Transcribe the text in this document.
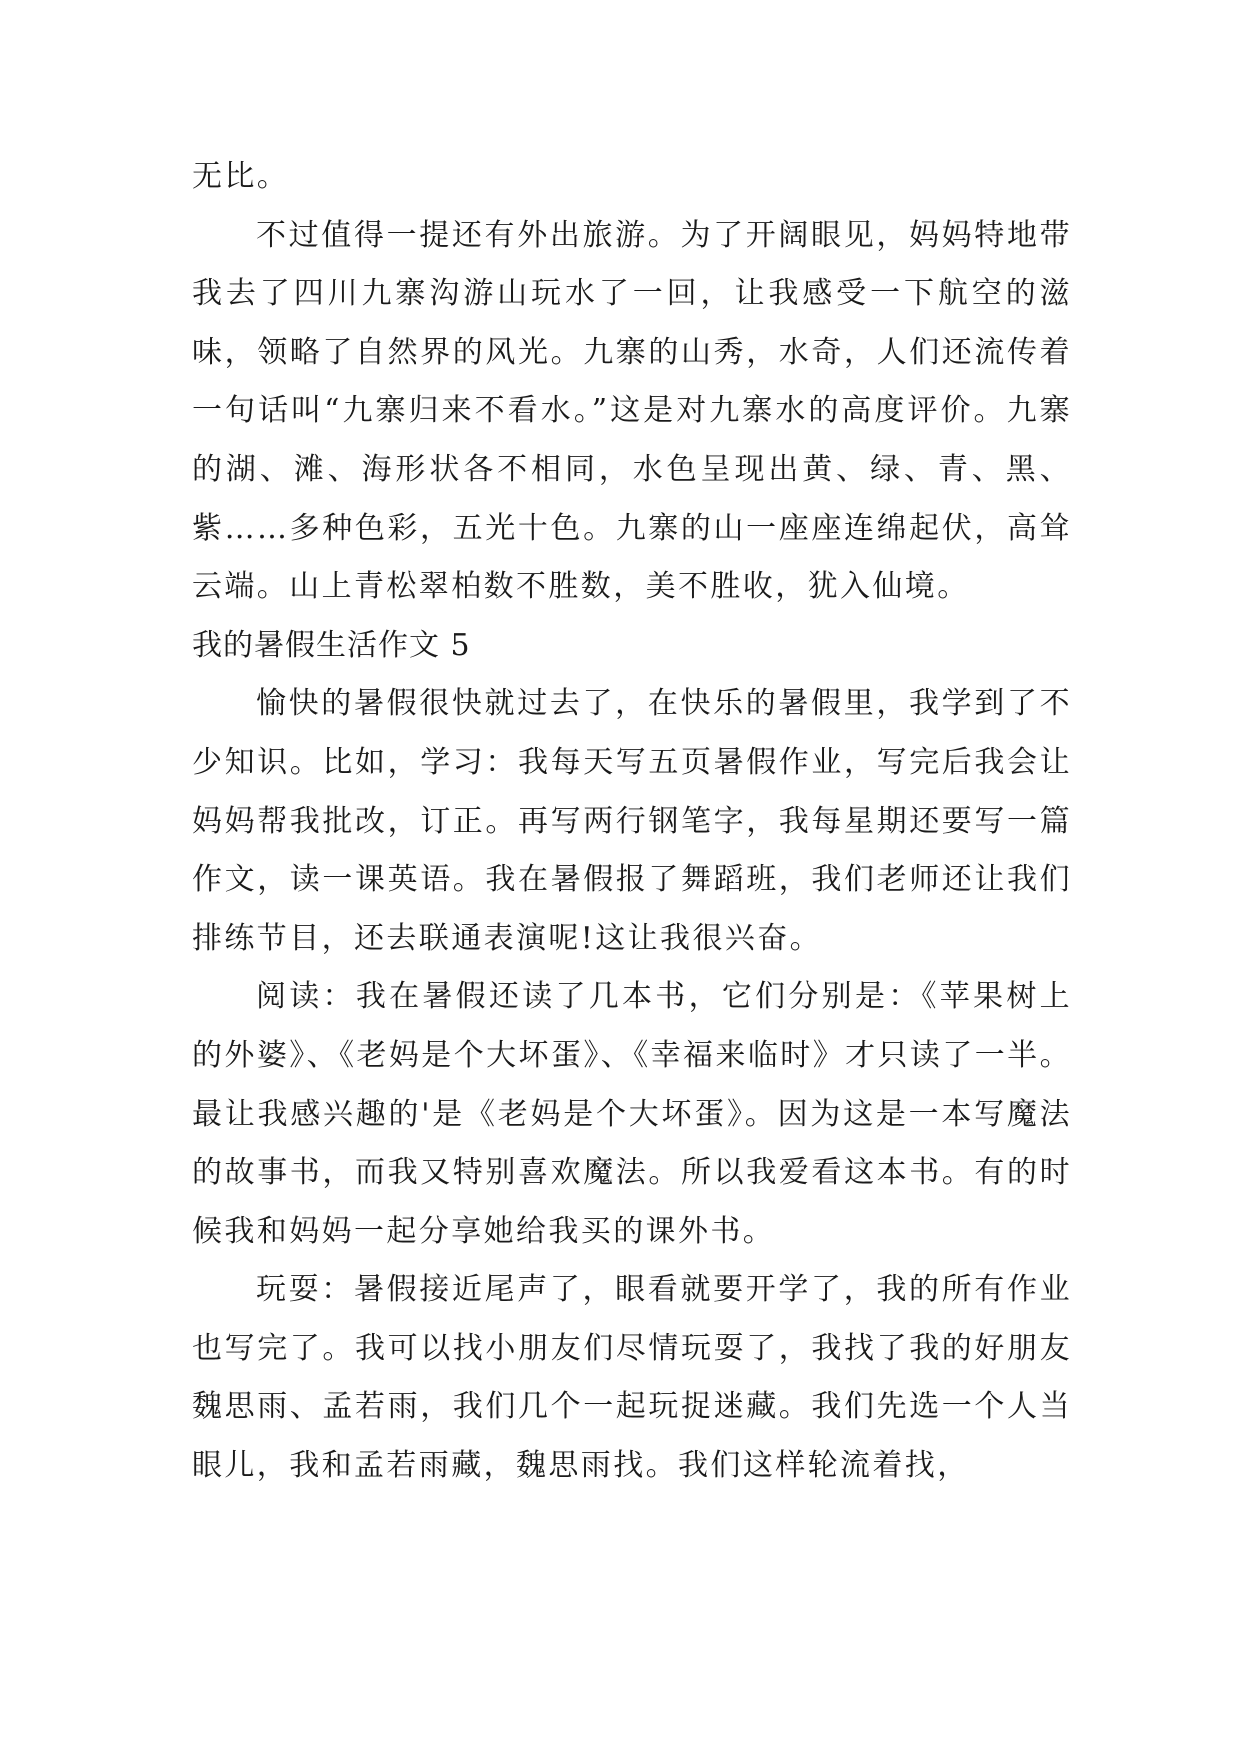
无比。

不过值得一提还有外出旅游。为了开阔眼见，妈妈特地带我去了四川九寨沟游山玩水了一回，让我感受一下航空的滋味，领略了自然界的风光。九寨的山秀，水奇，人们还流传着一句话叫“九寨归来不看水。”这是对九寨水的高度评价。九寨的湖、滩、海形状各不相同，水色呈现出黄、绿、青、黑、紫……多种色彩，五光十色。九寨的山一座座连绵起伏，高耸云端。山上青松翠柏数不胜数，美不胜收，犹入仙境。

我的暑假生活作文 5

愉快的暑假很快就过去了，在快乐的暑假里，我学到了不少知识。比如，学习：我每天写五页暑假作业，写完后我会让妈妈帮我批改，订正。再写两行钢笔字，我每星期还要写一篇作文，读一课英语。我在暑假报了舞蹈班，我们老师还让我们排练节目，还去联通表演呢!这让我很兴奋。

阅读：我在暑假还读了几本书，它们分别是：《苹果树上的外婆》、《老妈是个大坏蛋》、《幸福来临时》才只读了一半。最让我感兴趣的'是《老妈是个大坏蛋》。因为这是一本写魔法的故事书，而我又特别喜欢魔法。所以我爱看这本书。有的时候我和妈妈一起分享她给我买的课外书。

玩耍：暑假接近尾声了，眼看就要开学了，我的所有作业也写完了。我可以找小朋友们尽情玩耍了，我找了我的好朋友魏思雨、孟若雨，我们几个一起玩捉迷藏。我们先选一个人当眼儿，我和孟若雨藏，魏思雨找。我们这样轮流着找，
